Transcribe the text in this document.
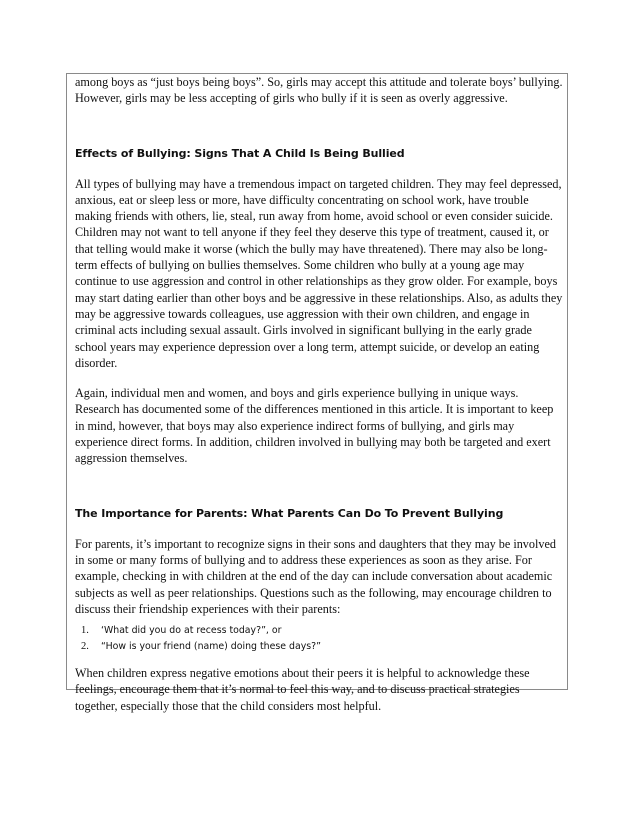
among boys as “just boys being boys”. So, girls may accept this attitude and tolerate boys’ bullying. However, girls may be less accepting of girls who bully if it is seen as overly aggressive.

Effects of Bullying: Signs That A Child Is Being Bullied

All types of bullying may have a tremendous impact on targeted children. They may feel depressed, anxious, eat or sleep less or more, have difficulty concentrating on school work, have trouble making friends with others, lie, steal, run away from home, avoid school or even consider suicide. Children may not want to tell anyone if they feel they deserve this type of treatment, caused it, or that telling would make it worse (which the bully may have threatened). There may also be long-term effects of bullying on bullies themselves. Some children who bully at a young age may continue to use aggression and control in other relationships as they grow older. For example, boys may start dating earlier than other boys and be aggressive in these relationships. Also, as adults they may be aggressive towards colleagues, use aggression with their own children, and engage in criminal acts including sexual assault. Girls involved in significant bullying in the early grade school years may experience depression over a long term, attempt suicide, or develop an eating disorder.

Again, individual men and women, and boys and girls experience bullying in unique ways. Research has documented some of the differences mentioned in this article. It is important to keep in mind, however, that boys may also experience indirect forms of bullying, and girls may experience direct forms. In addition, children involved in bullying may both be targeted and exert aggression themselves.

The Importance for Parents: What Parents Can Do To Prevent Bullying

For parents, it’s important to recognize signs in their sons and daughters that they may be involved in some or many forms of bullying and to address these experiences as soon as they arise. For example, checking in with children at the end of the day can include conversation about academic subjects as well as peer relationships. Questions such as the following, may encourage children to discuss their friendship experiences with their parents:

1. ‘What did you do at recess today?”, or
2. “How is your friend (name) doing these days?”

When children express negative emotions about their peers it is helpful to acknowledge these feelings, encourage them that it’s normal to feel this way, and to discuss practical strategies together, especially those that the child considers most helpful.
